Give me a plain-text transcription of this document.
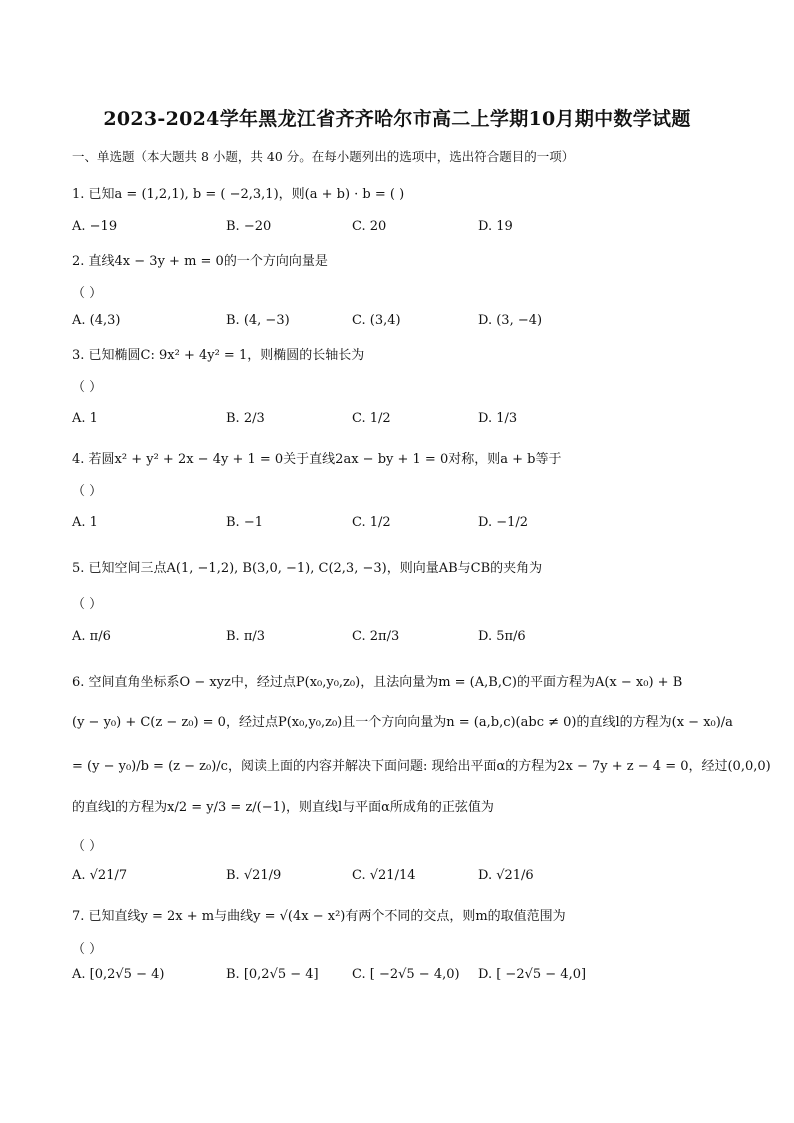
2023-2024学年黑龙江省齐齐哈尔市高二上学期10月期中数学试题
一、单选题（本大题共 8 小题，共 40 分。在每小题列出的选项中，选出符合题目的一项）
1. 已知a = (1,2,1), b = ( −2,3,1)，则(a + b) · b = ( )
A. −19	B. −20	C. 20	D. 19
2. 直线4x − 3y + m = 0的一个方向向量是
（ ）
A. (4,3)	B. (4, −3)	C. (3,4)	D. (3, −4)
3. 已知椭圆C: 9x² + 4y² = 1，则椭圆的长轴长为
（ ）
A. 1	B. 2/3	C. 1/2	D. 1/3
4. 若圆x² + y² + 2x − 4y + 1 = 0关于直线2ax − by + 1 = 0对称，则a + b等于
（ ）
A. 1	B. −1	C. 1/2	D. −1/2
5. 已知空间三点A(1, −1,2), B(3,0, −1), C(2,3, −3)，则向量AB与CB的夹角为
（ ）
A. π/6	B. π/3	C. 2π/3	D. 5π/6
6. 空间直角坐标系O − xyz中，经过点P(x₀,y₀,z₀)，且法向量为m = (A,B,C)的平面方程为A(x − x₀) + B
(y − y₀) + C(z − z₀) = 0，经过点P(x₀,y₀,z₀)且一个方向向量为n = (a,b,c)(abc ≠ 0)的直线l的方程为(x − x₀)/a
= (y − y₀)/b = (z − z₀)/c，阅读上面的内容并解决下面问题: 现给出平面α的方程为2x − 7y + z − 4 = 0，经过(0,0,0)
的直线l的方程为x/2 = y/3 = z/(−1)，则直线l与平面α所成角的正弦值为
（ ）
A. √21/7	B. √21/9	C. √21/14	D. √21/6
7. 已知直线y = 2x + m与曲线y = √(4x − x²)有两个不同的交点，则m的取值范围为
（ ）
A. [0,2√5 − 4)	B. [0,2√5 − 4]	C. [ −2√5 − 4,0) D. [ −2√5 − 4,0]
